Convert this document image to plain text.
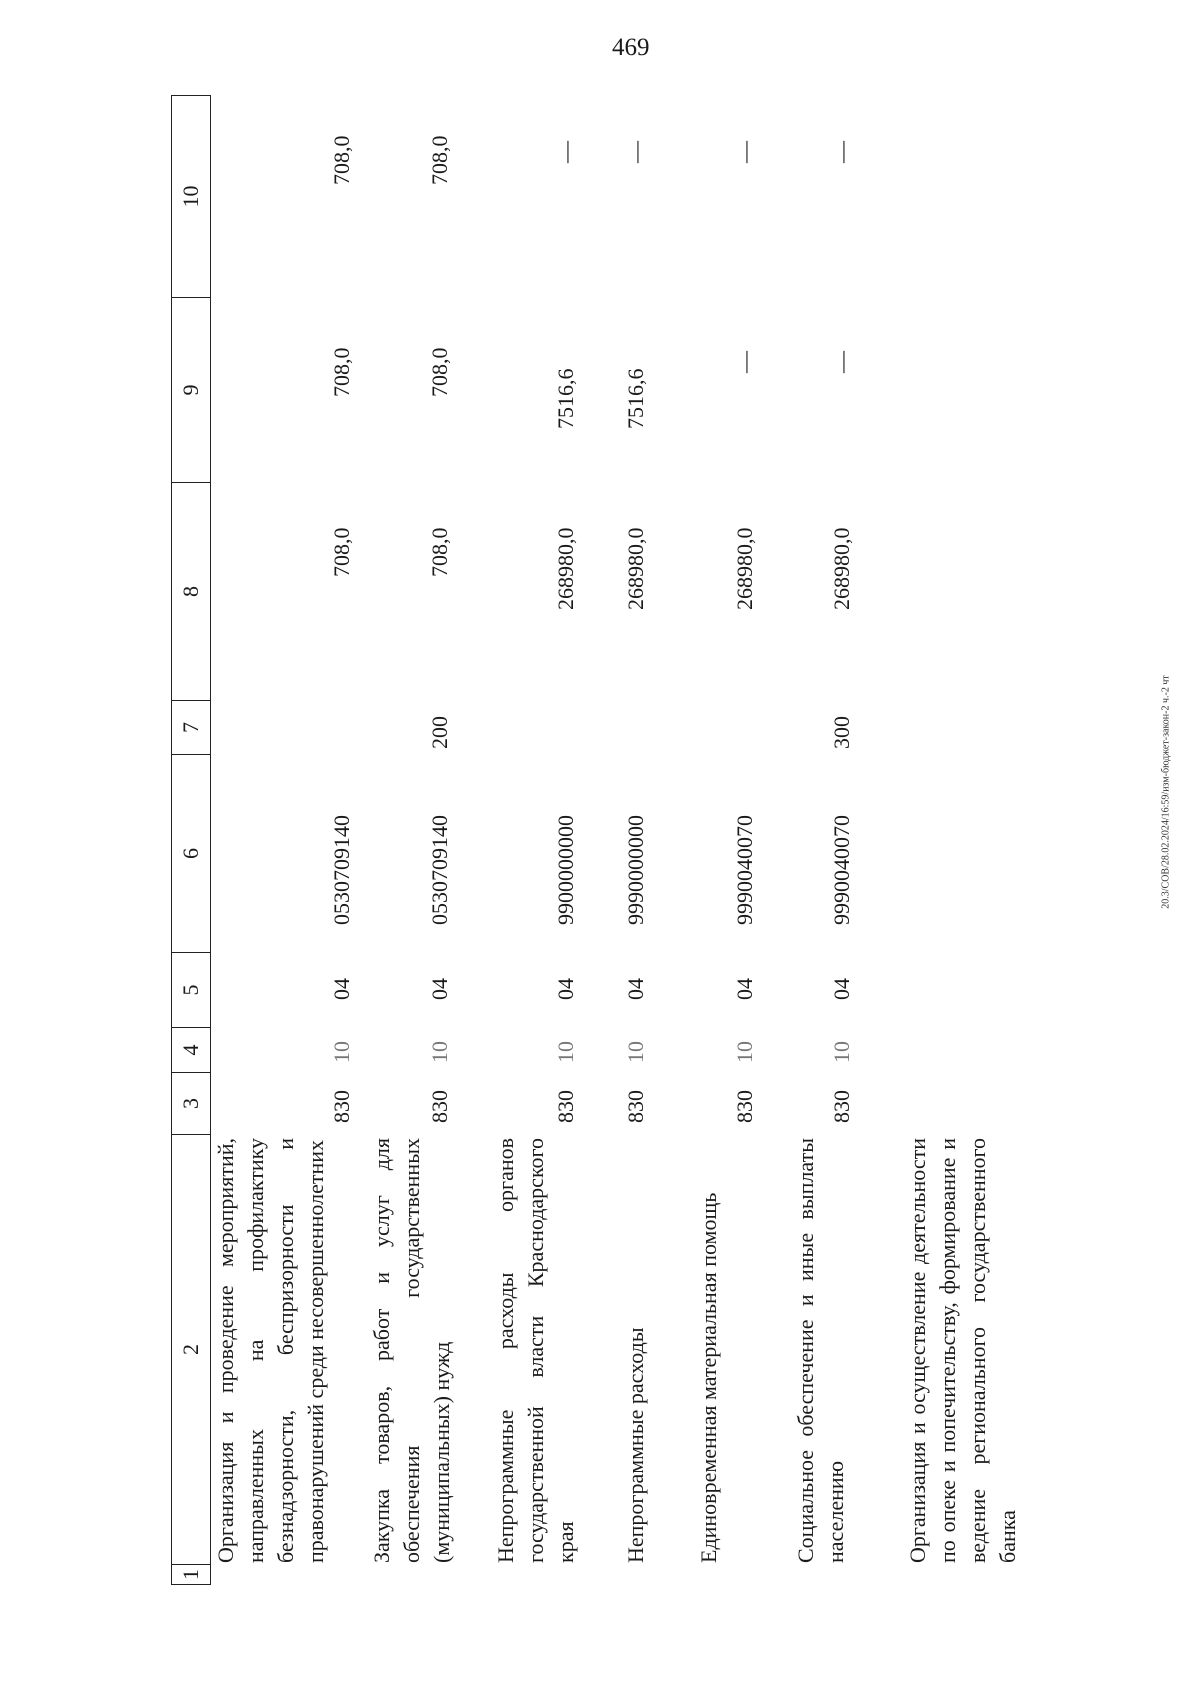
469
20.3/СОВ/28.02.2024/16:59/изм-бюджет-закон-2 ч.-2 чт
1
2
3
4
5
6
7
8
9
10

Организация и проведение мероприятий, направленных на профилактику безнадзорности, беспризорности и правонарушений среди несовершеннолетних

830

10

04

0530709140

708,0

708,0

708,0

Закупка товаров, работ и услуг для обеспечения государственных (муниципальных) нужд

830

10

04

0530709140

200

708,0

708,0

708,0

Непрограммные расходы органов государственной власти Краснодарского края

830

10

04

9900000000

268980,0

7516,6

—

Непрограммные расходы

830

10

04

9990000000

268980,0

7516,6

—

Единовременная материальная помощь

830

10

04

9990040070

268980,0

—

—

Социальное обеспечение и иные выплаты населению

830

10

04

9990040070

300

268980,0

—

—

Организация и осуществление деятельности по опеке и попечительству, формирование и ведение регионального государственного банка
